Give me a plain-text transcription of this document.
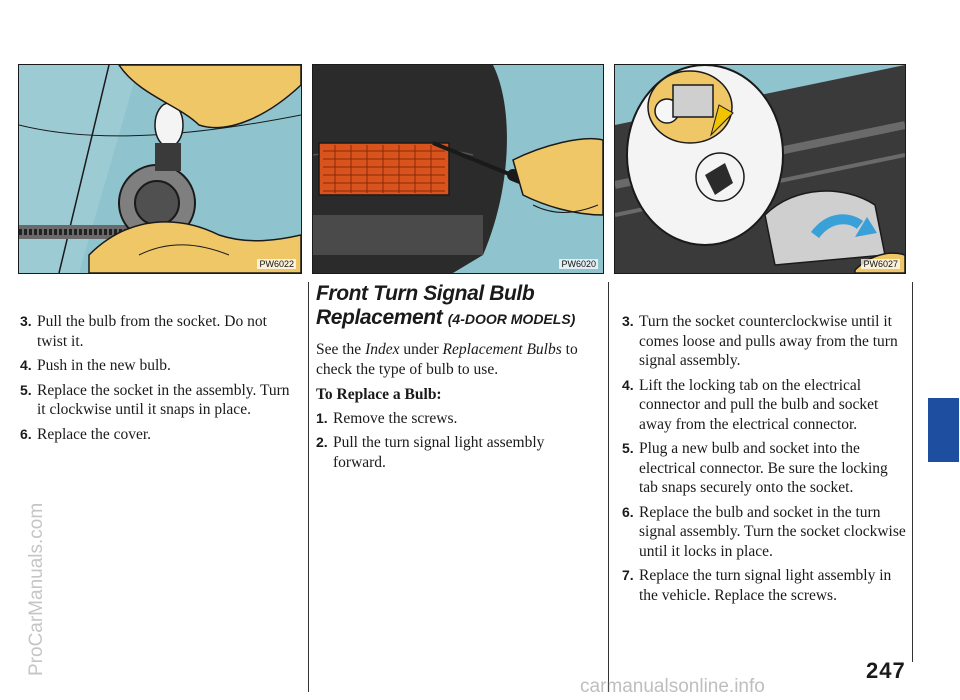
PW6022	PW6020	PW6027
3. Pull the bulb from the socket. Do not twist it.
4. Push in the new bulb.
5. Replace the socket in the assembly. Turn it clockwise until it snaps in place.
6. Replace the cover.
Front Turn Signal Bulb Replacement (4-DOOR MODELS)
See the Index under Replacement Bulbs to check the type of bulb to use.
To Replace a Bulb:
1. Remove the screws.
2. Pull the turn signal light assembly forward.
3. Turn the socket counterclockwise until it comes loose and pulls away from the turn signal assembly.
4. Lift the locking tab on the electrical connector and pull the bulb and socket away from the electrical connector.
5. Plug a new bulb and socket into the electrical connector. Be sure the locking tab snaps securely onto the socket.
6. Replace the bulb and socket in the turn signal assembly. Turn the socket clockwise until it locks in place.
7. Replace the turn signal light assembly in the vehicle. Replace the screws.
247
ProCarManuals.com
carmanualsonline.info
